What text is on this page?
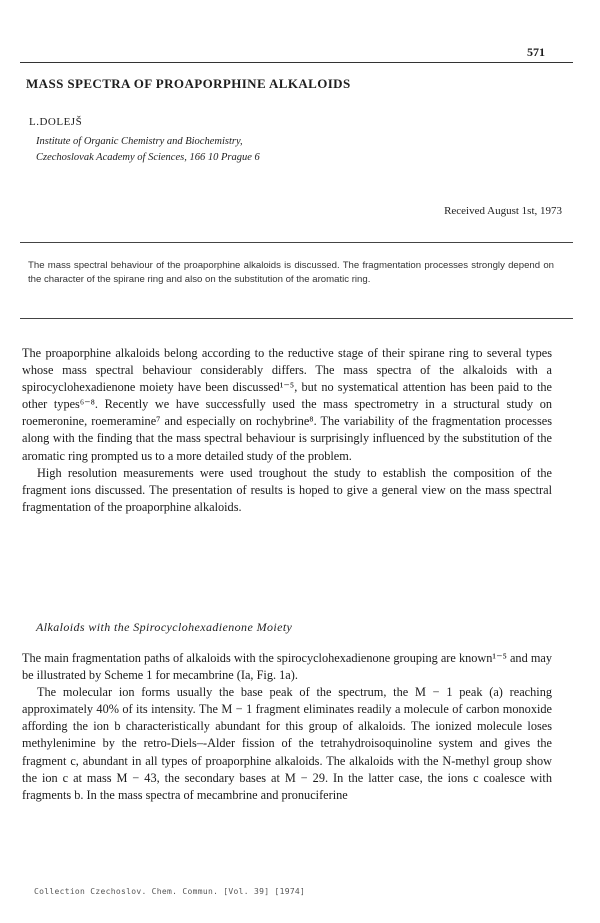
571
MASS SPECTRA OF PROAPORPHINE ALKALOIDS
L.DOLEJŠ
Institute of Organic Chemistry and Biochemistry,
Czechoslovak Academy of Sciences, 166 10 Prague 6
Received August 1st, 1973
The mass spectral behaviour of the proaporphine alkaloids is discussed. The fragmentation processes strongly depend on the character of the spirane ring and also on the substitution of the aromatic ring.

The proaporphine alkaloids belong according to the reductive stage of their spirane ring to several types whose mass spectral behaviour considerably differs. The mass spectra of the alkaloids with a spirocyclohexadienone moiety have been discussed¹⁻⁵, but no systematical attention has been paid to the other types⁶⁻⁸. Recently we have successfully used the mass spectrometry in a structural study on roemeronine, roemeramine⁷ and especially on rochybrine⁸. The variability of the fragmentation processes along with the finding that the mass spectral behaviour is surprisingly influenced by the substitution of the aromatic ring prompted us to a more detailed study of the problem.

High resolution measurements were used troughout the study to establish the composition of the fragment ions discussed. The presentation of results is hoped to give a general view on the mass spectral fragmentation of the proaporphine alkaloids.

Alkaloids with the Spirocyclohexadienone Moiety

The main fragmentation paths of alkaloids with the spirocyclohexadienone grouping are known¹⁻⁵ and may be illustrated by Scheme 1 for mecambrine (Ia, Fig. 1a).

The molecular ion forms usually the base peak of the spectrum, the M − 1 peak (a) reaching approximately 40% of its intensity. The M − 1 fragment eliminates readily a molecule of carbon monoxide affording the ion b characteristically abundant for this group of alkaloids. The ionized molecule loses methylenimine by the retro-Diels–-Alder fission of the tetrahydroisoquinoline system and gives the fragment c, abundant in all types of proaporphine alkaloids. The alkaloids with the N-methyl group show the ion c at mass M − 43, the secondary bases at M − 29. In the latter case, the ions c coalesce with fragments b. In the mass spectra of mecambrine and pronuciferine

Collection Czechoslov. Chem. Commun. [Vol. 39] [1974]
